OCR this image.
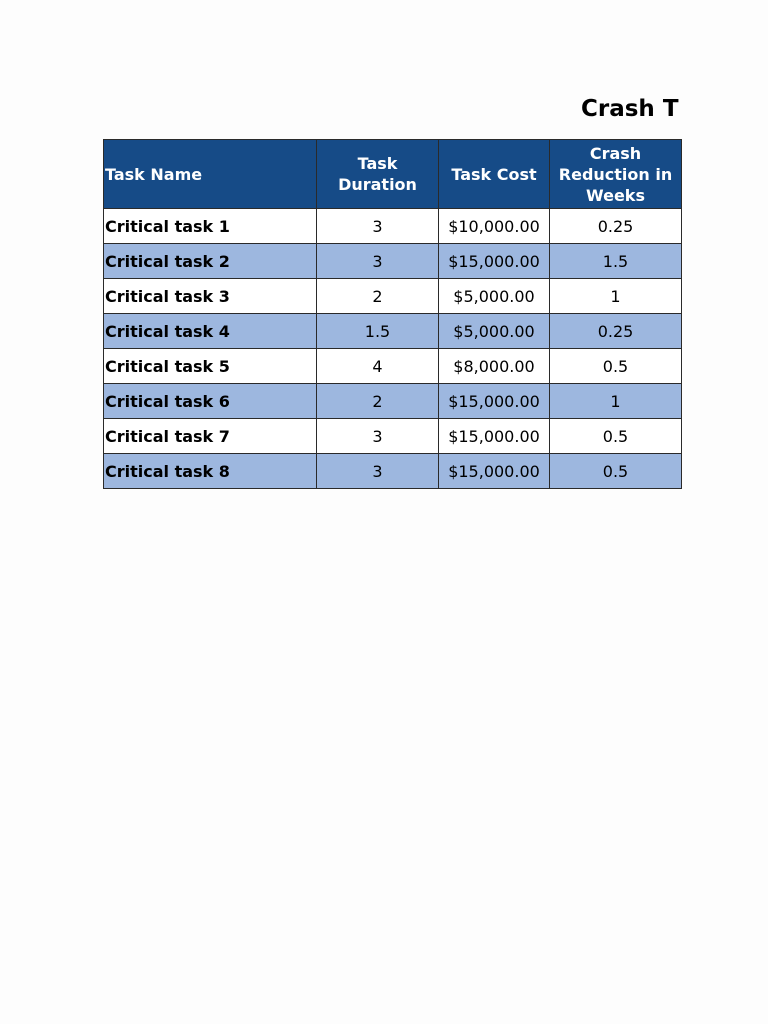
Crash T
Task Name	Task Duration	Task Cost	Crash Reduction in Weeks
Critical task 1	3	$10,000.00	0.25
Critical task 2	3	$15,000.00	1.5
Critical task 3	2	$5,000.00	1
Critical task 4	1.5	$5,000.00	0.25
Critical task 5	4	$8,000.00	0.5
Critical task 6	2	$15,000.00	1
Critical task 7	3	$15,000.00	0.5
Critical task 8	3	$15,000.00	0.5
